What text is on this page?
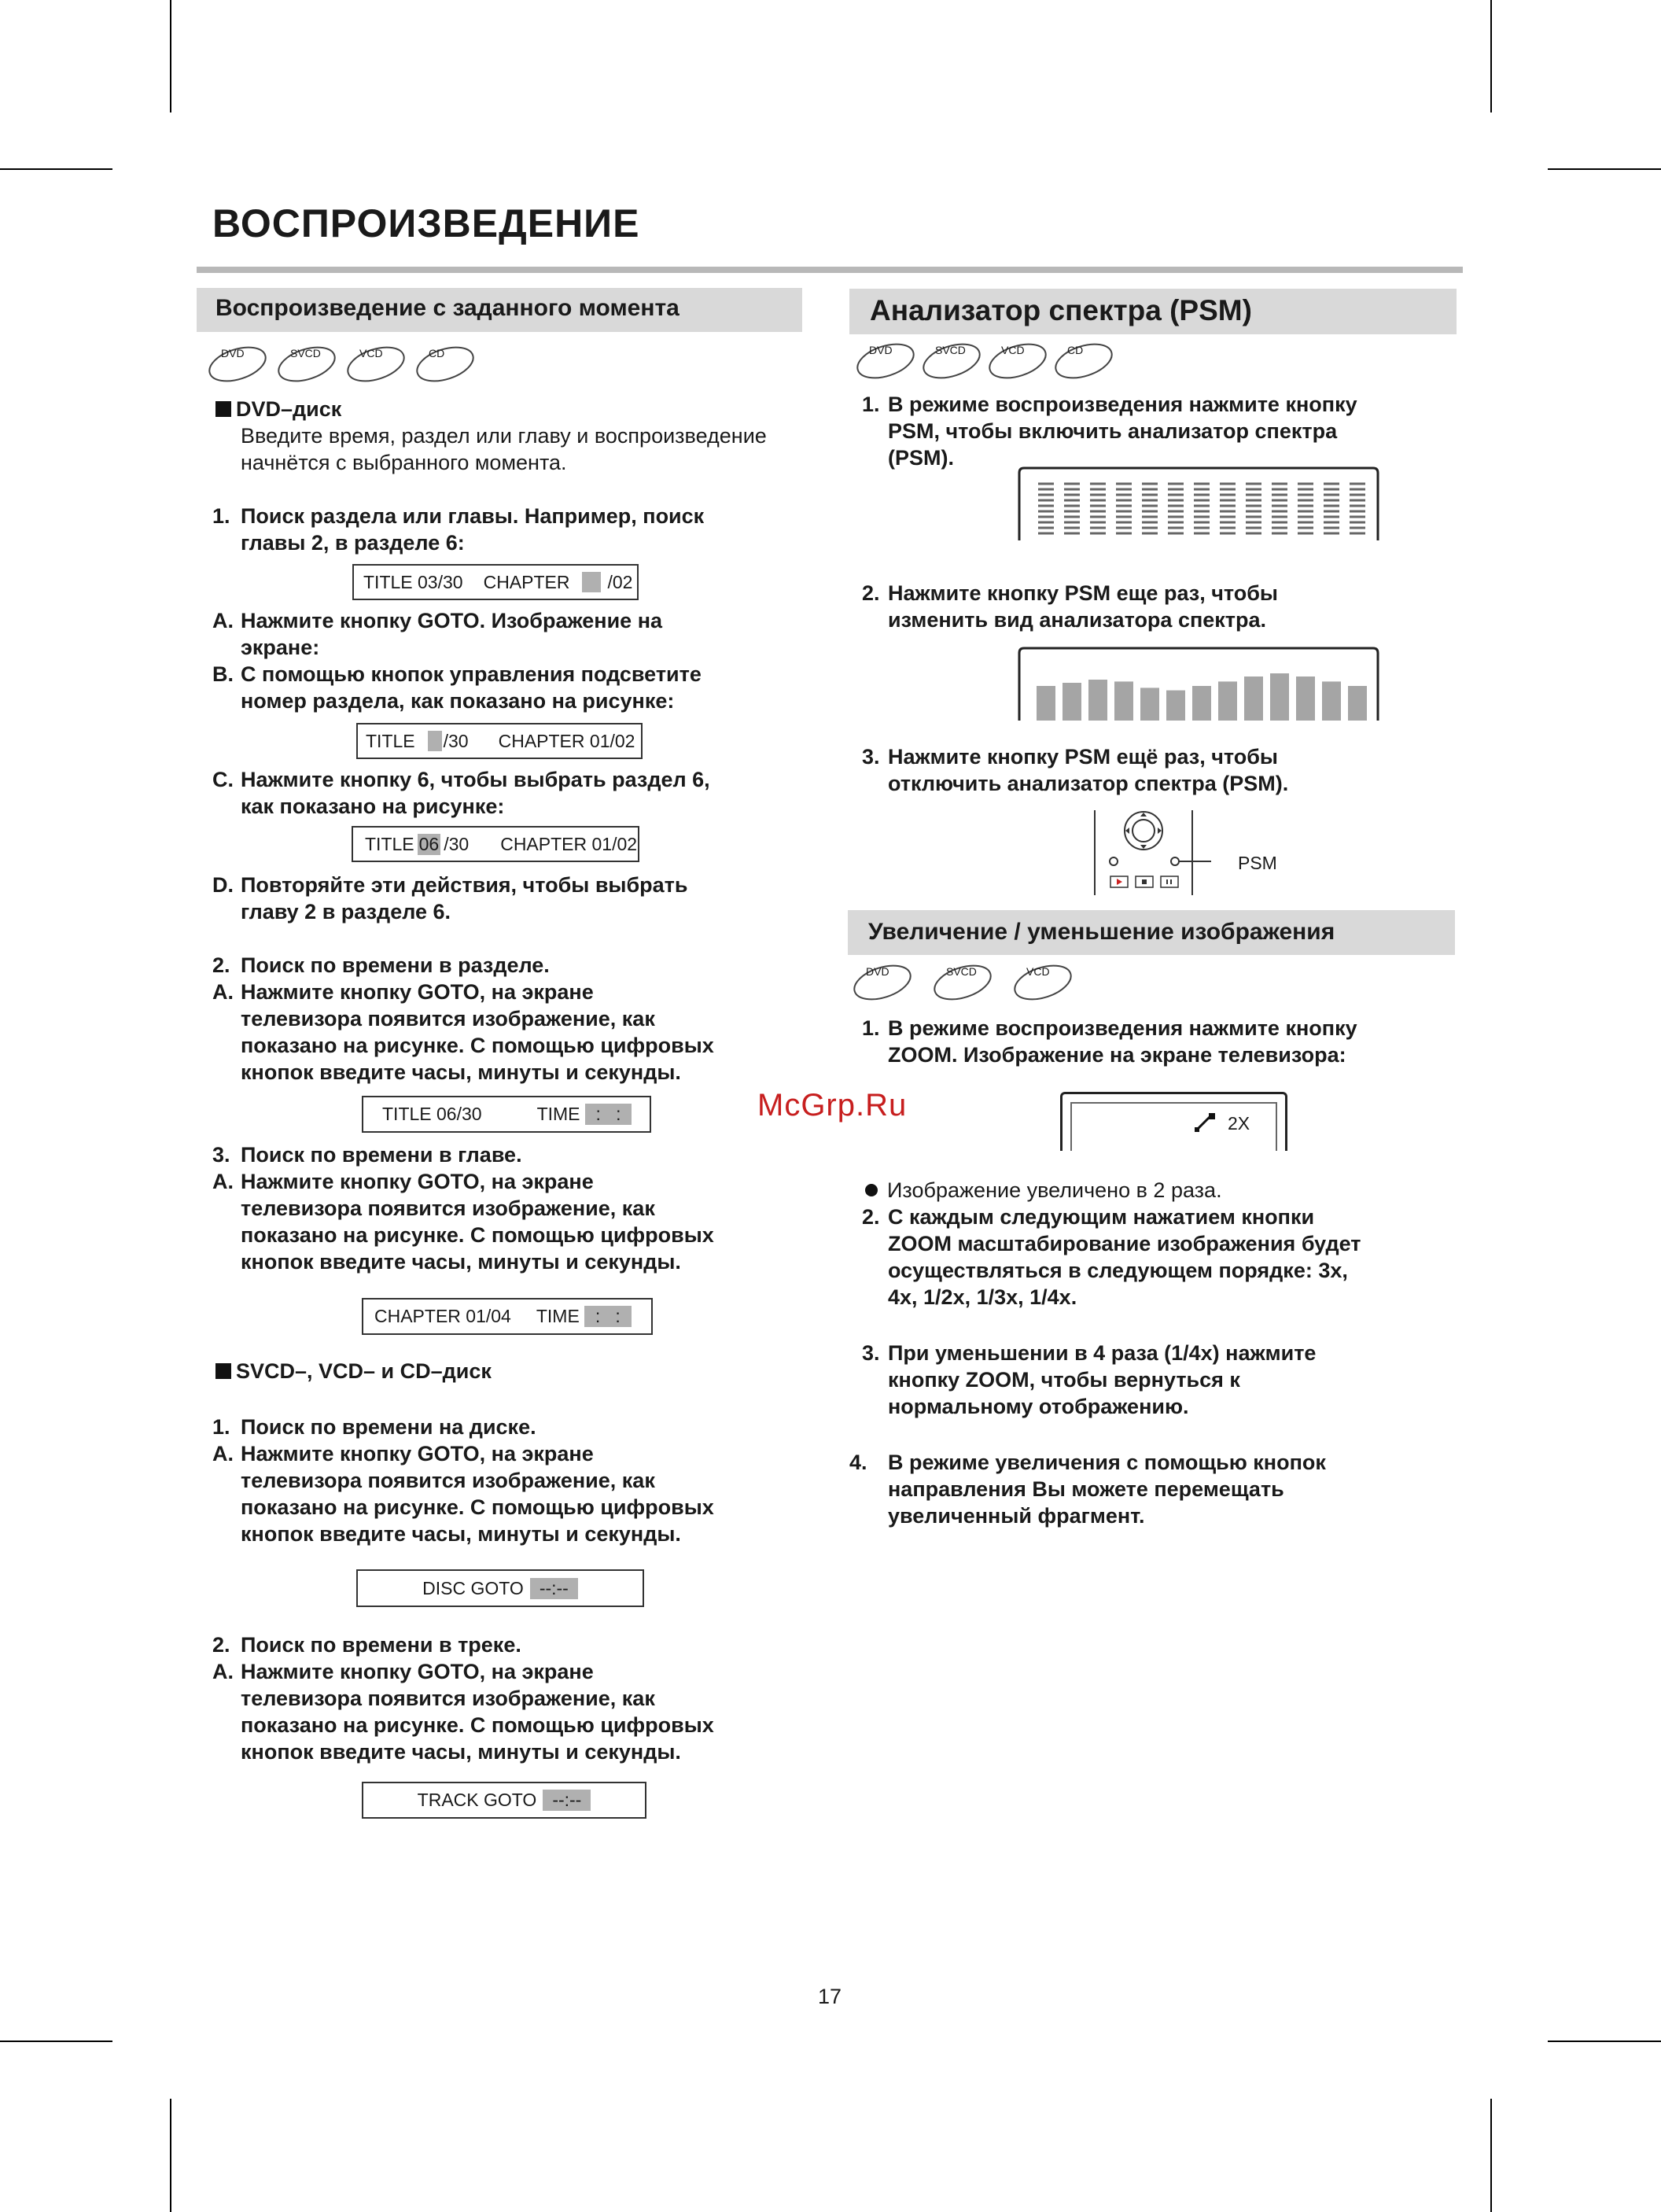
ВОСПРОИЗВЕДЕНИЕ
Воспроизведение с заданного момента
DVD	SVCD	VCD	CD
DVD–диск
Введите время, раздел или главу и воспроизведение
начнётся с выбранного момента.
1. Поиск раздела или главы. Например, поиск
главы 2, в разделе 6:
TITLE 03/30 CHAPTER /02
A. Нажмите кнопку GOTO. Изображение на
экране:
B. С помощью кнопок управления подсветите
номер раздела, как показано на рисунке:
TITLE /30 CHAPTER 01/02
C. Нажмите кнопку 6, чтобы выбрать раздел 6,
как показано на рисунке:
TITLE 06 /30 CHAPTER 01/02
D. Повторяйте эти действия, чтобы выбрать
главу 2 в разделе 6.
2. Поиск по времени в разделе.
A. Нажмите кнопку GOTO, на экране
телевизора появится изображение, как
показано на рисунке. С помощью цифровых
кнопок введите часы, минуты и секунды.
TITLE 06/30	TIME :   :
3. Поиск по времени в главе.
A. Нажмите кнопку GOTO, на экране
телевизора появится изображение, как
показано на рисунке. С помощью цифровых
кнопок введите часы, минуты и секунды.
CHAPTER 01/04 TIME :   :
SVCD–, VCD– и CD–диск
1. Поиск по времени на диске.
A. Нажмите кнопку GOTO, на экране
телевизора появится изображение, как
показано на рисунке. С помощью цифровых
кнопок введите часы, минуты и секунды.
DISC GOTO --:--
2. Поиск по времени в треке.
A. Нажмите кнопку GOTO, на экране
телевизора появится изображение, как
показано на рисунке. С помощью цифровых
кнопок введите часы, минуты и секунды.
TRACK GOTO --:--
Анализатор спектра (PSM)
DVD	SVCD	VCD	CD
1. В режиме воспроизведения нажмите кнопку
PSM, чтобы включить анализатор спектра
(PSM).
2. Нажмите кнопку PSM еще раз, чтобы
изменить вид анализатора спектра.
3. Нажмите кнопку PSM ещё раз, чтобы
отключить анализатор спектра (PSM).
PSM
Увеличение / уменьшение изображения
DVD	SVCD	VCD
1. В режиме воспроизведения нажмите кнопку
ZOOM. Изображение на экране телевизора:
2X
Изображение увеличено в 2 раза.
2. С каждым следующим нажатием кнопки
ZOOM масштабирование изображения будет
осуществляться в следующем порядке: 3x,
4x, 1/2x, 1/3x, 1/4x.
3. При уменьшении в 4 раза (1/4x) нажмите
кнопку ZOOM, чтобы вернуться к
нормальному отображению.
4. В режиме увеличения с помощью кнопок
направления Вы можете перемещать
увеличенный фрагмент.
McGrp.Ru
17
